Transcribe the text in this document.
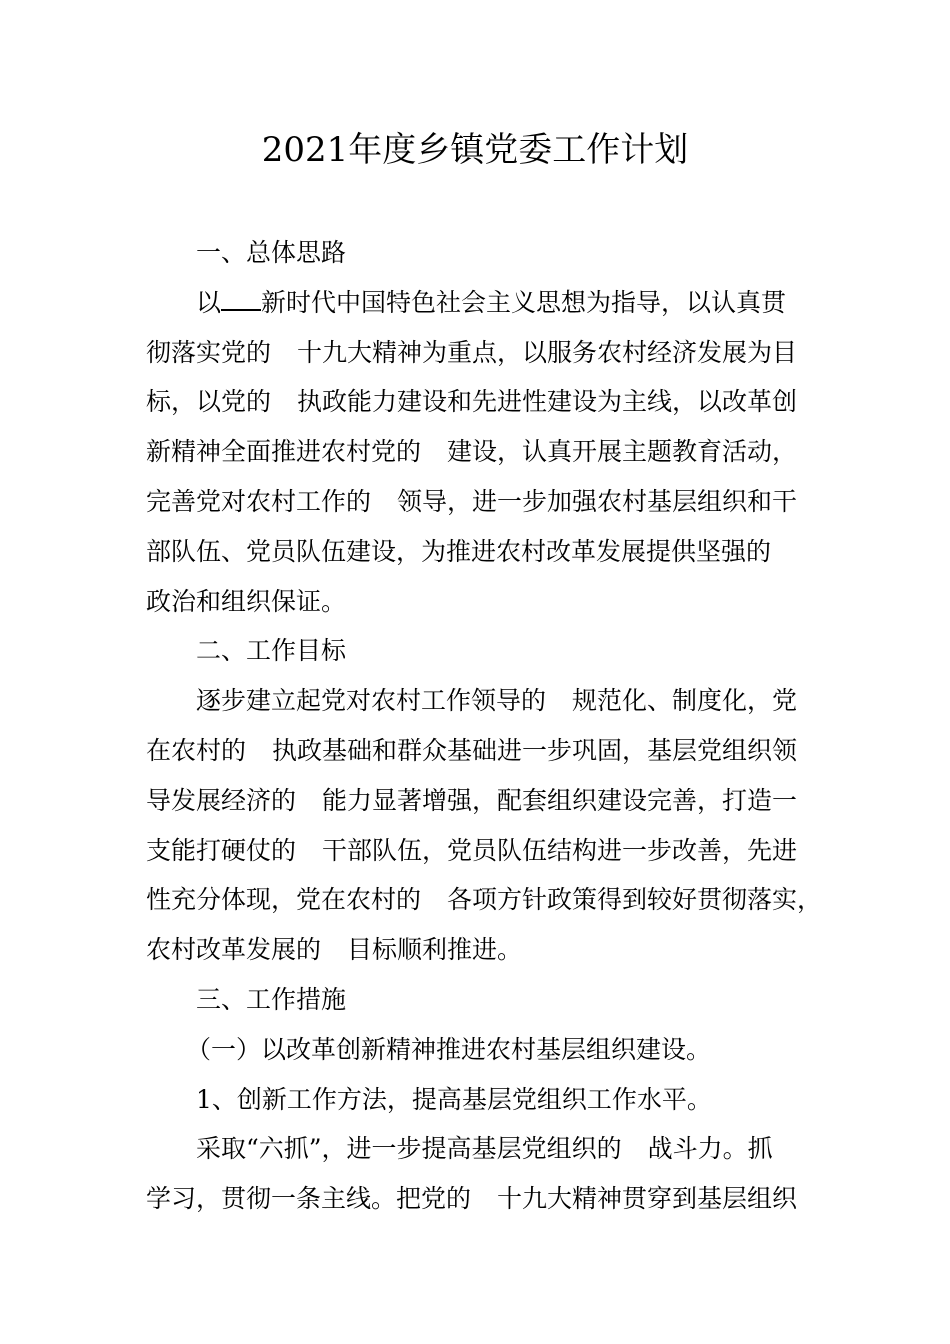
2021年度乡镇党委工作计划
一、总体思路
以 新时代中国特色社会主义思想为指导，以认真贯
彻落实党的 十九大精神为重点，以服务农村经济发展为目
标，以党的 执政能力建设和先进性建设为主线，以改革创
新精神全面推进农村党的 建设，认真开展主题教育活动，
完善党对农村工作的 领导，进一步加强农村基层组织和干
部队伍、党员队伍建设，为推进农村改革发展提供坚强的
政治和组织保证。
二、工作目标
逐步建立起党对农村工作领导的 规范化、制度化，党
在农村的 执政基础和群众基础进一步巩固，基层党组织领
导发展经济的 能力显著增强，配套组织建设完善，打造一
支能打硬仗的 干部队伍，党员队伍结构进一步改善，先进
性充分体现，党在农村的 各项方针政策得到较好贯彻落实，
农村改革发展的 目标顺利推进。
三、工作措施
（一）以改革创新精神推进农村基层组织建设。
1、创新工作方法，提高基层党组织工作水平。
采取“六抓”，进一步提高基层党组织的 战斗力。抓
学习，贯彻一条主线。把党的 十九大精神贯穿到基层组织
